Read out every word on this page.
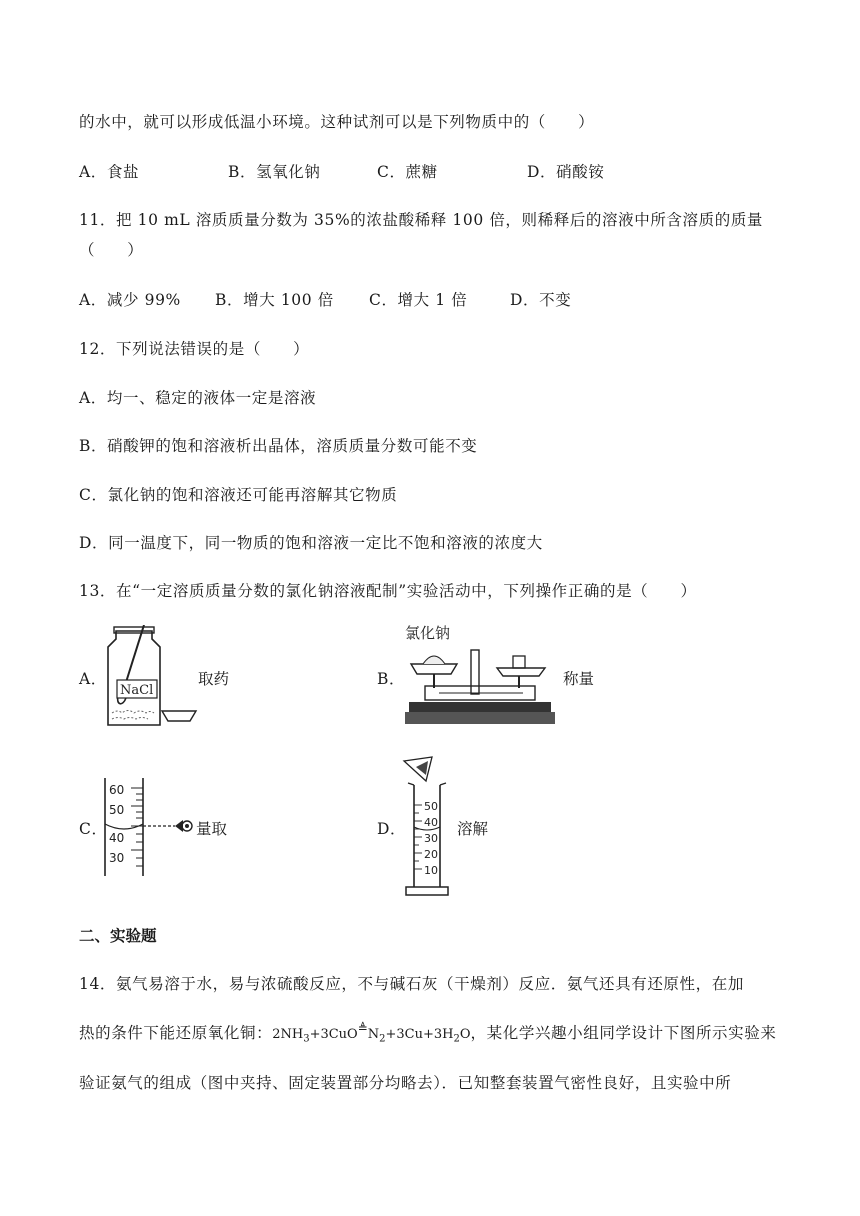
的水中，就可以形成低温小环境。这种试剂可以是下列物质中的（　　）
A．食盐	B．氢氧化钠	C．蔗糖	D．硝酸铵
11．把 10 mL 溶质质量分数为 35%的浓盐酸稀释 100 倍，则稀释后的溶液中所含溶质的质量
（　　）
A．减少 99% B．增大 100 倍 C．增大 1 倍	D．不变
12．下列说法错误的是（　　）
A．均一、稳定的液体一定是溶液
B．硝酸钾的饱和溶液析出晶体，溶质质量分数可能不变
C．氯化钠的饱和溶液还可能再溶解其它物质
D．同一温度下，同一物质的饱和溶液一定比不饱和溶液的浓度大
13．在“一定溶质质量分数的氯化钠溶液配制”实验活动中，下列操作正确的是（　　）
A．
NaCl
取药	B．
氯化钠
称量
C．
60
50
40
30
量取	D．
50
40
30
20
10
溶解
二、实验题
14．氨气易溶于水，易与浓硫酸反应，不与碱石灰（干燥剂）反应．氨气还具有还原性，在加
热的条件下能还原氧化铜：$2NH_3+3CuO≜N_2+3Cu+3H_2O$，某化学兴趣小组同学设计下图所示实验来
验证氨气的组成（图中夹持、固定装置部分均略去）．已知整套装置气密性良好，且实验中所
